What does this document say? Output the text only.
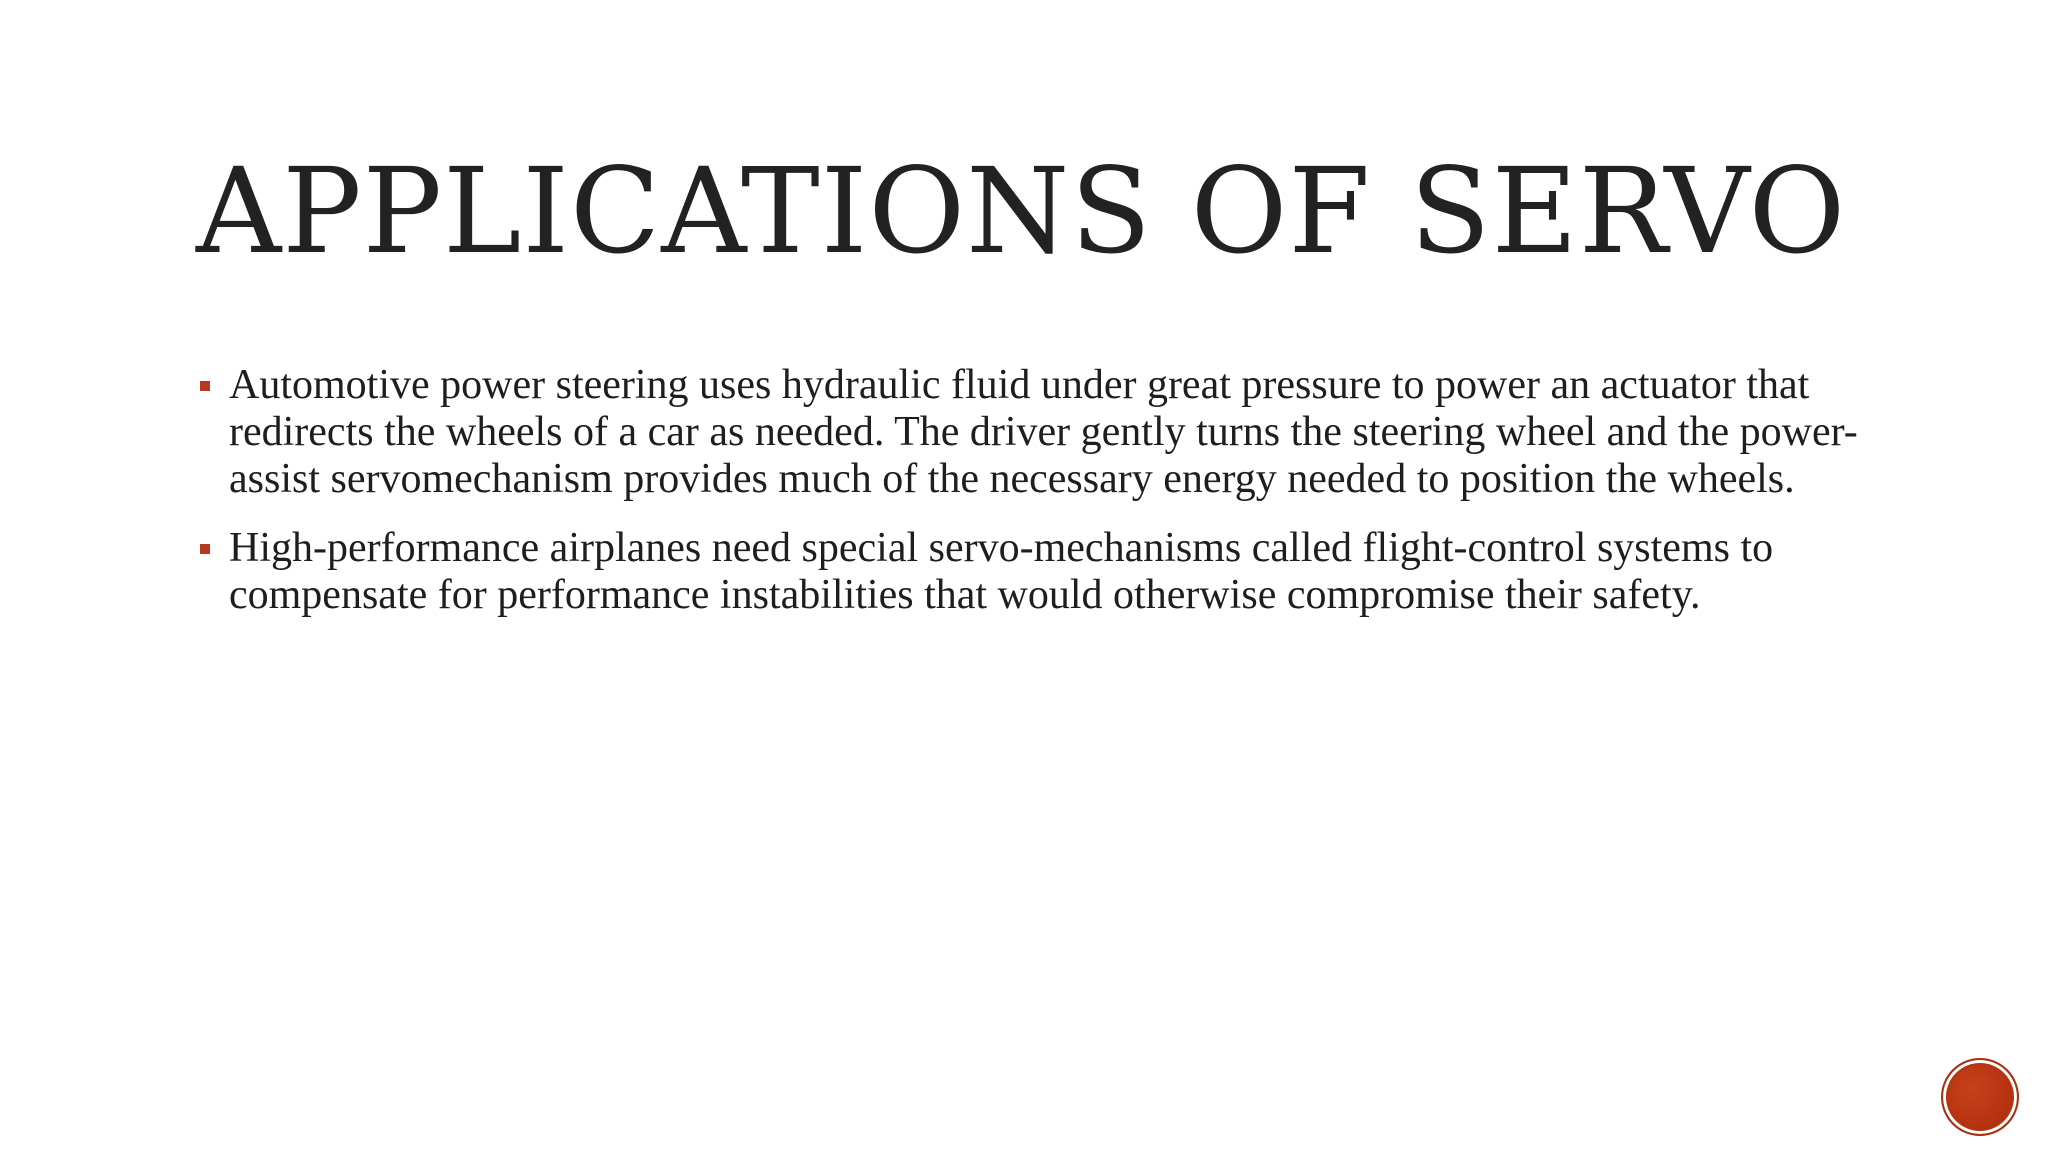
APPLICATIONS OF SERVO
Automotive power steering uses hydraulic fluid under great pressure to power an actuator that redirects the wheels of a car as needed. The driver gently turns the steering wheel and the power-assist servomechanism provides much of the necessary energy needed to position the wheels.
High-performance airplanes need special servo-mechanisms called flight-control systems to compensate for performance instabilities that would otherwise compromise their safety.
